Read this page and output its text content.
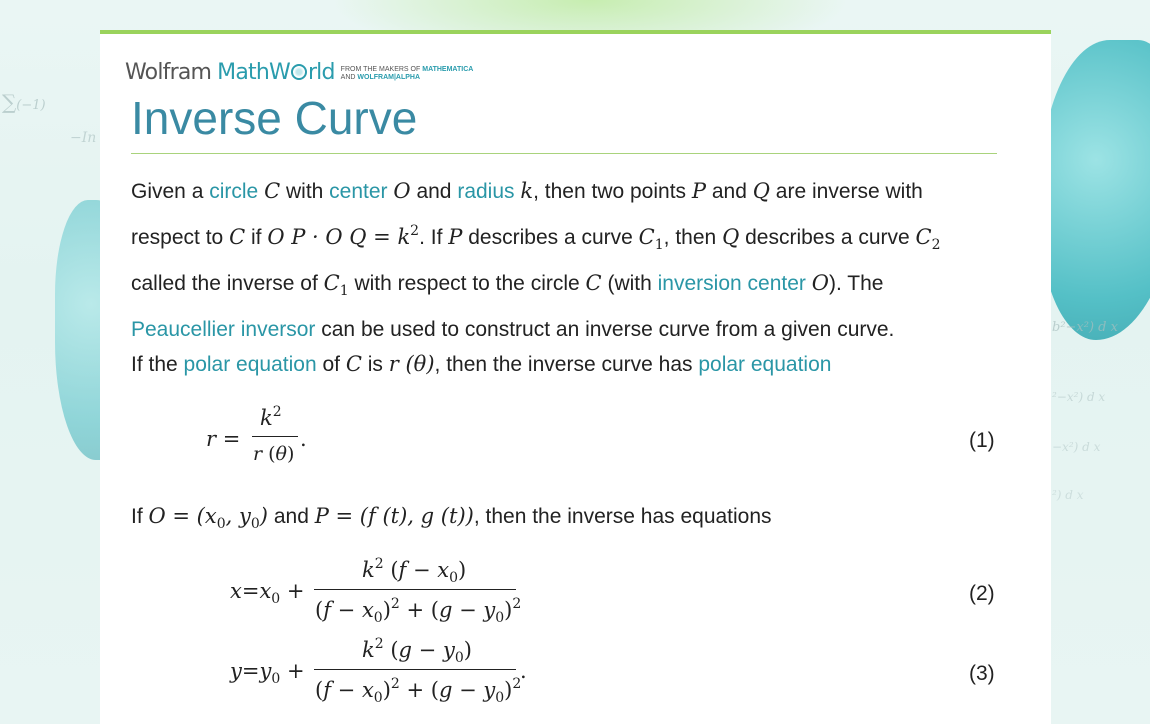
∑(−1)
−In
b²−x²) d x
²−x²) d x
−x²) d x
²) d x
Wolfram MathW rld FROM THE MAKERS OF MATHEMATICA
AND WOLFRAM|ALPHA
Inverse Curve
Given a circle C with center O and radius k, then two points P and Q are inverse with
respect to C if O P · O $Q = k^2$. If P describes a curve $C_1$, then Q describes a curve $C_2$
called the inverse of $C_1$ with respect to the circle C (with inversion center O). The
Peaucellier inversor can be used to construct an inverse curve from a given curve.
If the polar equation of C is r (θ), then the inverse curve has polar equation
r =
$k^2$
r (θ)
.	(1)
If $O = (x_0$, $y_0$) and P = (f (t), g (t)), then the inverse has equations
$x=x_0$ +
$k^2$ $(f - x_0)$
$(f - x_0)^2 + (g - y_0)^2$	(2)
$y=y_0$ +
$k^2$ $(g - y_0)$
$(f - x_0)^2 + (g - y_0)^2$
.	(3)
